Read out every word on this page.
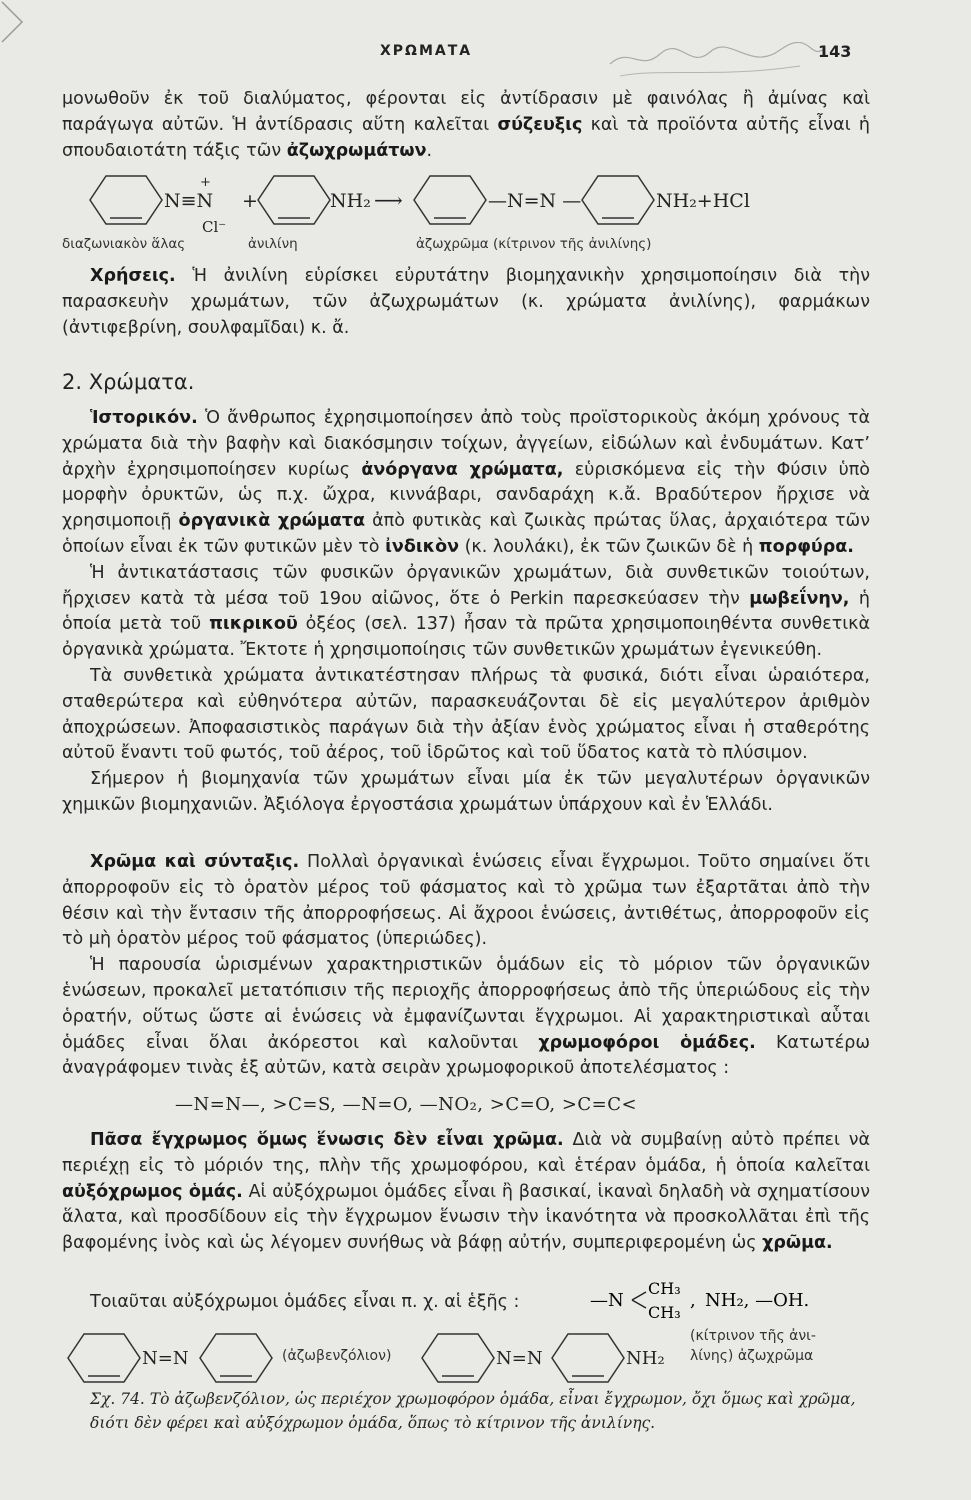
ΧΡΩΜΑΤΑ	143

μονωθοῦν ἐκ τοῦ διαλύματος, φέρονται εἰς ἀντίδρασιν μὲ φαινόλας ἢ ἀμίνας καὶ παράγωγα αὐτῶν. Ἡ ἀντίδρασις αὕτη καλεῖται σύζευξις καὶ τὰ προϊόντα αὐτῆς εἶναι ἡ σπουδαιοτάτη τάξις τῶν ἀζωχρωμάτων.

N≡N
+
+
Cl⁻
NH₂ ⟶	—N=N —	NH₂+HCl
διαζωνιακὸν ἅλας	ἀνιλίνη	ἀζωχρῶμα (κίτρινον τῆς ἀνιλίνης)

Χρήσεις. Ἡ ἀνιλίνη εὑρίσκει εὐρυτάτην βιομηχανικὴν χρησιμοποίησιν διὰ τὴν παρασκευὴν χρωμάτων, τῶν ἀζωχρωμάτων (κ. χρώματα ἀνιλίνης), φαρμάκων (ἀντιφεβρίνη, σουλφαμῖδαι) κ. ἄ.

2. Χρώματα.

Ἱστορικόν. Ὁ ἄνθρωπος ἐχρησιμοποίησεν ἀπὸ τοὺς προϊστορικοὺς ἀκόμη χρόνους τὰ χρώματα διὰ τὴν βαφὴν καὶ διακόσμησιν τοίχων, ἀγγείων, εἰδώλων καὶ ἐνδυμάτων. Κατ’ ἀρχὴν ἐχρησιμοποίησεν κυρίως ἀνόργανα χρώματα, εὑρισκόμενα εἰς τὴν Φύσιν ὑπὸ μορφὴν ὀρυκτῶν, ὡς π.χ. ὤχρα, κιννάβαρι, σανδαράχη κ.ἄ. Βραδύτερον ἤρχισε νὰ χρησιμοποιῇ ὀργανικὰ χρώματα ἀπὸ φυτικὰς καὶ ζωικὰς πρώτας ὕλας, ἀρχαιότερα τῶν ὁποίων εἶναι ἐκ τῶν φυτικῶν μὲν τὸ ἰνδικὸν (κ. λουλάκι), ἐκ τῶν ζωικῶν δὲ ἡ πορφύρα.

Ἡ ἀντικατάστασις τῶν φυσικῶν ὀργανικῶν χρωμάτων, διὰ συνθετικῶν τοιούτων, ἤρχισεν κατὰ τὰ μέσα τοῦ 19ου αἰῶνος, ὅτε ὁ Perkin παρεσκεύασεν τὴν μωβεΐνην, ἡ ὁποία μετὰ τοῦ πικρικοῦ ὀξέος (σελ. 137) ἦσαν τὰ πρῶτα χρησιμοποιηθέντα συνθετικὰ ὀργανικὰ χρώματα. Ἔκτοτε ἡ χρησιμοποίησις τῶν συνθετικῶν χρωμάτων ἐγενικεύθη.

Τὰ συνθετικὰ χρώματα ἀντικατέστησαν πλήρως τὰ φυσικά, διότι εἶναι ὡραιότερα, σταθερώτερα καὶ εὐθηνότερα αὐτῶν, παρασκευάζονται δὲ εἰς μεγαλύτερον ἀριθμὸν ἀποχρώσεων. Ἀποφασιστικὸς παράγων διὰ τὴν ἀξίαν ἑνὸς χρώματος εἶναι ἡ σταθερότης αὐτοῦ ἔναντι τοῦ φωτός, τοῦ ἀέρος, τοῦ ἱδρῶτος καὶ τοῦ ὕδατος κατὰ τὸ πλύσιμον.

Σήμερον ἡ βιομηχανία τῶν χρωμάτων εἶναι μία ἐκ τῶν μεγαλυτέρων ὀργανικῶν χημικῶν βιομηχανιῶν. Ἀξιόλογα ἐργοστάσια χρωμάτων ὑπάρχουν καὶ ἐν Ἑλλάδι.

Χρῶμα καὶ σύνταξις. Πολλαὶ ὀργανικαὶ ἑνώσεις εἶναι ἔγχρωμοι. Τοῦτο σημαίνει ὅτι ἀπορροφοῦν εἰς τὸ ὁρατὸν μέρος τοῦ φάσματος καὶ τὸ χρῶμα των ἐξαρτᾶται ἀπὸ τὴν θέσιν καὶ τὴν ἔντασιν τῆς ἀπορροφήσεως. Αἱ ἄχροοι ἑνώσεις, ἀντιθέτως, ἀπορροφοῦν εἰς τὸ μὴ ὁρατὸν μέρος τοῦ φάσματος (ὑπεριώδες).

Ἡ παρουσία ὡρισμένων χαρακτηριστικῶν ὁμάδων εἰς τὸ μόριον τῶν ὀργανικῶν ἑνώσεων, προκαλεῖ μετατόπισιν τῆς περιοχῆς ἀπορροφήσεως ἀπὸ τῆς ὑπεριώδους εἰς τὴν ὁρατήν, οὕτως ὥστε αἱ ἑνώσεις νὰ ἐμφανίζωνται ἔγχρωμοι. Αἱ χαρακτηριστικαὶ αὗται ὁμάδες εἶναι ὅλαι ἀκόρεστοι καὶ καλοῦνται χρωμοφόροι ὁμάδες. Κατωτέρω ἀναγράφομεν τινὰς ἐξ αὐτῶν, κατὰ σειρὰν χρωμοφορικοῦ ἀποτελέσματος :

—N=N—, >C=S, —N=O, —NO₂, >C=O, >C=C<

Πᾶσα ἔγχρωμος ὅμως ἕνωσις δὲν εἶναι χρῶμα. Διὰ νὰ συμβαίνῃ αὐτὸ πρέπει νὰ περιέχῃ εἰς τὸ μόριόν της, πλὴν τῆς χρωμοφόρου, καὶ ἑτέραν ὁμάδα, ἡ ὁποία καλεῖται αὐξόχρωμος ὁμάς. Αἱ αὐξόχρωμοι ὁμάδες εἶναι ἢ βασικαί, ἱκαναὶ δηλαδὴ νὰ σχηματίσουν ἅλατα, καὶ προσδίδουν εἰς τὴν ἔγχρωμον ἕνωσιν τὴν ἱκανότητα νὰ προσκολλᾶται ἐπὶ τῆς βαφομένης ἰνὸς καὶ ὡς λέγομεν συνήθως νὰ βάφῃ αὐτήν, συμπεριφερομένη ὡς χρῶμα.

Τοιαῦται αὐξόχρωμοι ὁμάδες εἶναι π. χ. αἱ ἑξῆς :	—N
CH₃
CH₃
, NH₂, —OH.
N=N	N=N	NH₂
(ἀζωβενζόλιον)
(κίτρινον τῆς ἀνι-
λίνης) ἀζωχρῶμα
Σχ. 74. Τὸ ἀζωβενζόλιον, ὡς περιέχον χρωμοφόρον ὁμάδα, εἶναι ἔγχρωμον, ὄχι ὅμως καὶ χρῶμα, διότι δὲν φέρει καὶ αὐξόχρωμον ὁμάδα, ὅπως τὸ κίτρινον τῆς ἀνιλίνης.
